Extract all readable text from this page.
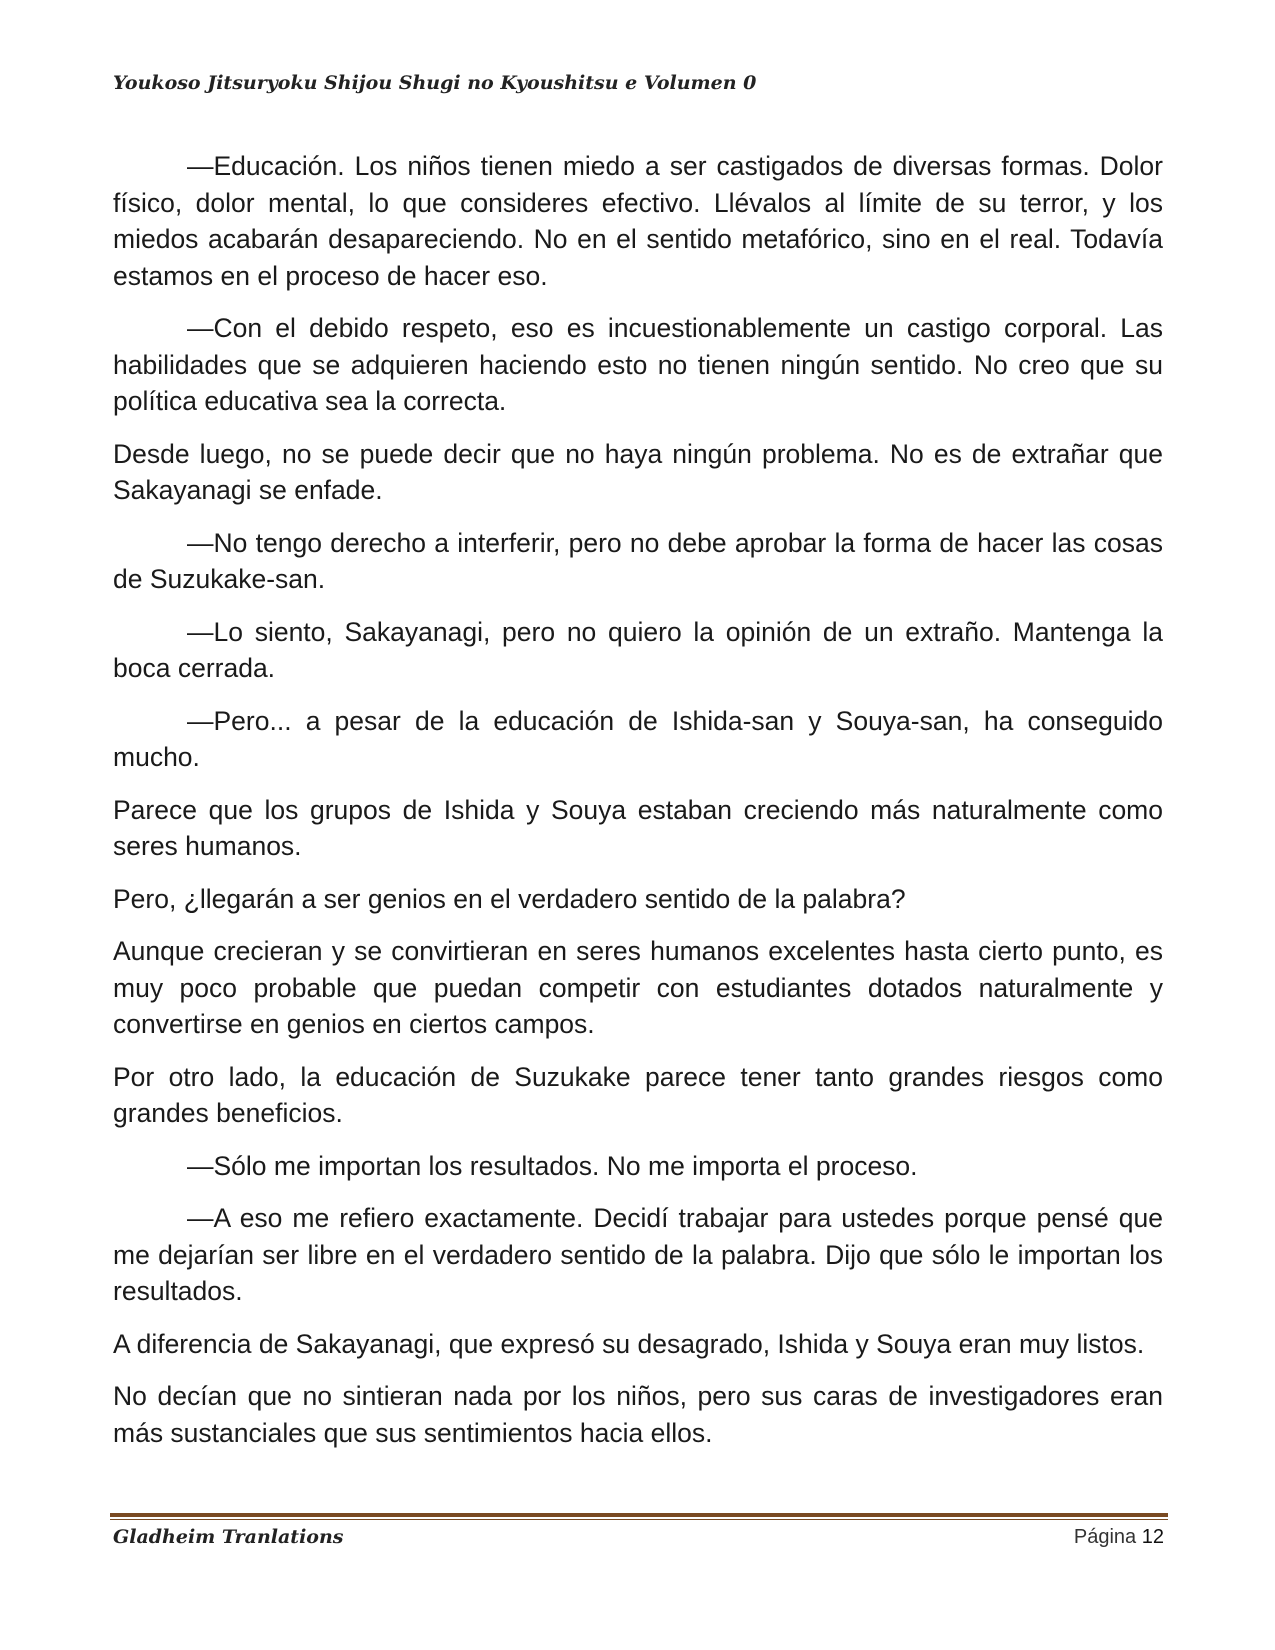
Youkoso Jitsuryoku Shijou Shugi no Kyoushitsu e Volumen 0

—Educación. Los niños tienen miedo a ser castigados de diversas formas. Dolor físico, dolor mental, lo que consideres efectivo. Llévalos al límite de su terror, y los miedos acabarán desapareciendo. No en el sentido metafórico, sino en el real. Todavía estamos en el proceso de hacer eso.

—Con el debido respeto, eso es incuestionablemente un castigo corporal. Las habilidades que se adquieren haciendo esto no tienen ningún sentido. No creo que su política educativa sea la correcta.

Desde luego, no se puede decir que no haya ningún problema. No es de extrañar que Sakayanagi se enfade.

—No tengo derecho a interferir, pero no debe aprobar la forma de hacer las cosas de Suzukake-san.

—Lo siento, Sakayanagi, pero no quiero la opinión de un extraño. Mantenga la boca cerrada.

—Pero... a pesar de la educación de Ishida-san y Souya-san, ha conseguido mucho.

Parece que los grupos de Ishida y Souya estaban creciendo más naturalmente como seres humanos.

Pero, ¿llegarán a ser genios en el verdadero sentido de la palabra?

Aunque crecieran y se convirtieran en seres humanos excelentes hasta cierto punto, es muy poco probable que puedan competir con estudiantes dotados naturalmente y convertirse en genios en ciertos campos.

Por otro lado, la educación de Suzukake parece tener tanto grandes riesgos como grandes beneficios.

—Sólo me importan los resultados. No me importa el proceso.

—A eso me refiero exactamente. Decidí trabajar para ustedes porque pensé que me dejarían ser libre en el verdadero sentido de la palabra. Dijo que sólo le importan los resultados.

A diferencia de Sakayanagi, que expresó su desagrado, Ishida y Souya eran muy listos.

No decían que no sintieran nada por los niños, pero sus caras de investigadores eran más sustanciales que sus sentimientos hacia ellos.

Gladheim Tranlations	Página 12
